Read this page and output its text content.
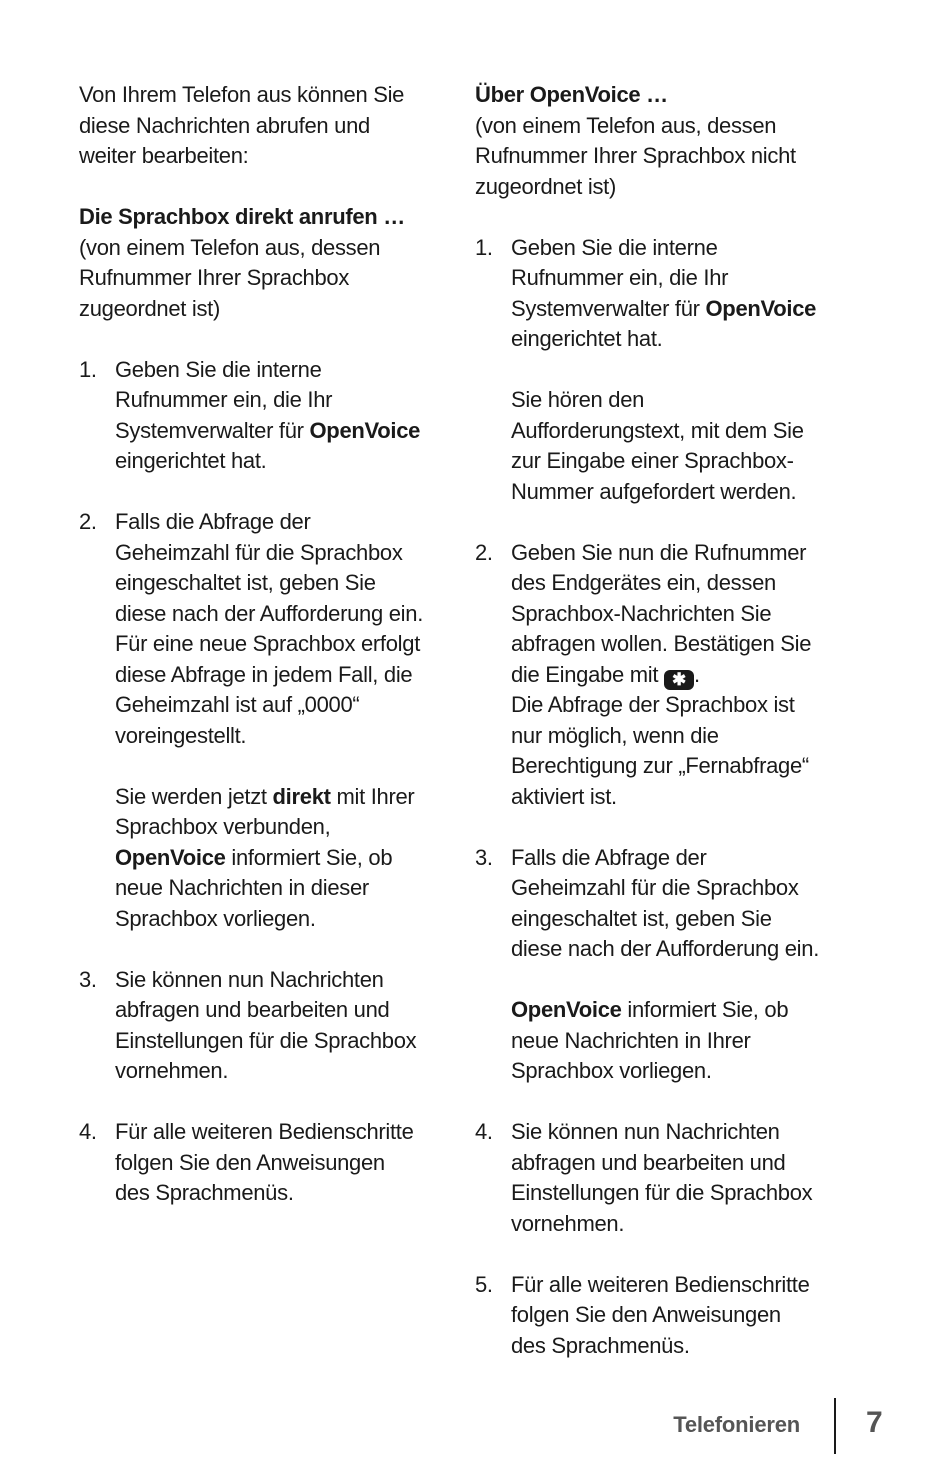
Von Ihrem Telefon aus können Sie diese Nachrichten abrufen und weiter bearbeiten:

Die Sprachbox direkt anrufen …

(von einem Telefon aus, dessen Rufnummer Ihrer Sprachbox zugeordnet ist)

1. Geben Sie die interne Rufnummer ein, die Ihr Systemverwalter für OpenVoice eingerichtet hat.

2. Falls die Abfrage der Geheimzahl für die Sprachbox eingeschaltet ist, geben Sie diese nach der Aufforderung ein. Für eine neue Sprachbox erfolgt diese Abfrage in jedem Fall, die Geheimzahl ist auf „0000“ voreingestellt.

Sie werden jetzt direkt mit Ihrer Sprachbox verbunden, OpenVoice informiert Sie, ob neue Nachrichten in dieser Sprachbox vorliegen.

3. Sie können nun Nachrichten abfragen und bearbeiten und Einstellungen für die Sprachbox vornehmen.

4. Für alle weiteren Bedienschritte folgen Sie den Anweisungen des Sprachmenüs.

Über OpenVoice …

(von einem Telefon aus, dessen Rufnummer Ihrer Sprachbox nicht zugeordnet ist)

1. Geben Sie die interne Rufnummer ein, die Ihr Systemverwalter für OpenVoice eingerichtet hat.

Sie hören den Aufforderungstext, mit dem Sie zur Eingabe einer Sprachbox-Nummer aufgefordert werden.

2. Geben Sie nun die Rufnummer des Endgerätes ein, dessen Sprachbox-Nachrichten Sie abfragen wollen. Bestätigen Sie die Eingabe mit ✱ .

Die Abfrage der Sprachbox ist nur möglich, wenn die Berechtigung zur „Fernabfrage“ aktiviert ist.

3. Falls die Abfrage der Geheimzahl für die Sprachbox eingeschaltet ist, geben Sie diese nach der Aufforderung ein.

OpenVoice informiert Sie, ob neue Nachrichten in Ihrer Sprachbox vorliegen.

4. Sie können nun Nachrichten abfragen und bearbeiten und Einstellungen für die Sprachbox vornehmen.

5. Für alle weiteren Bedienschritte folgen Sie den Anweisungen des Sprachmenüs.

Telefonieren 7
